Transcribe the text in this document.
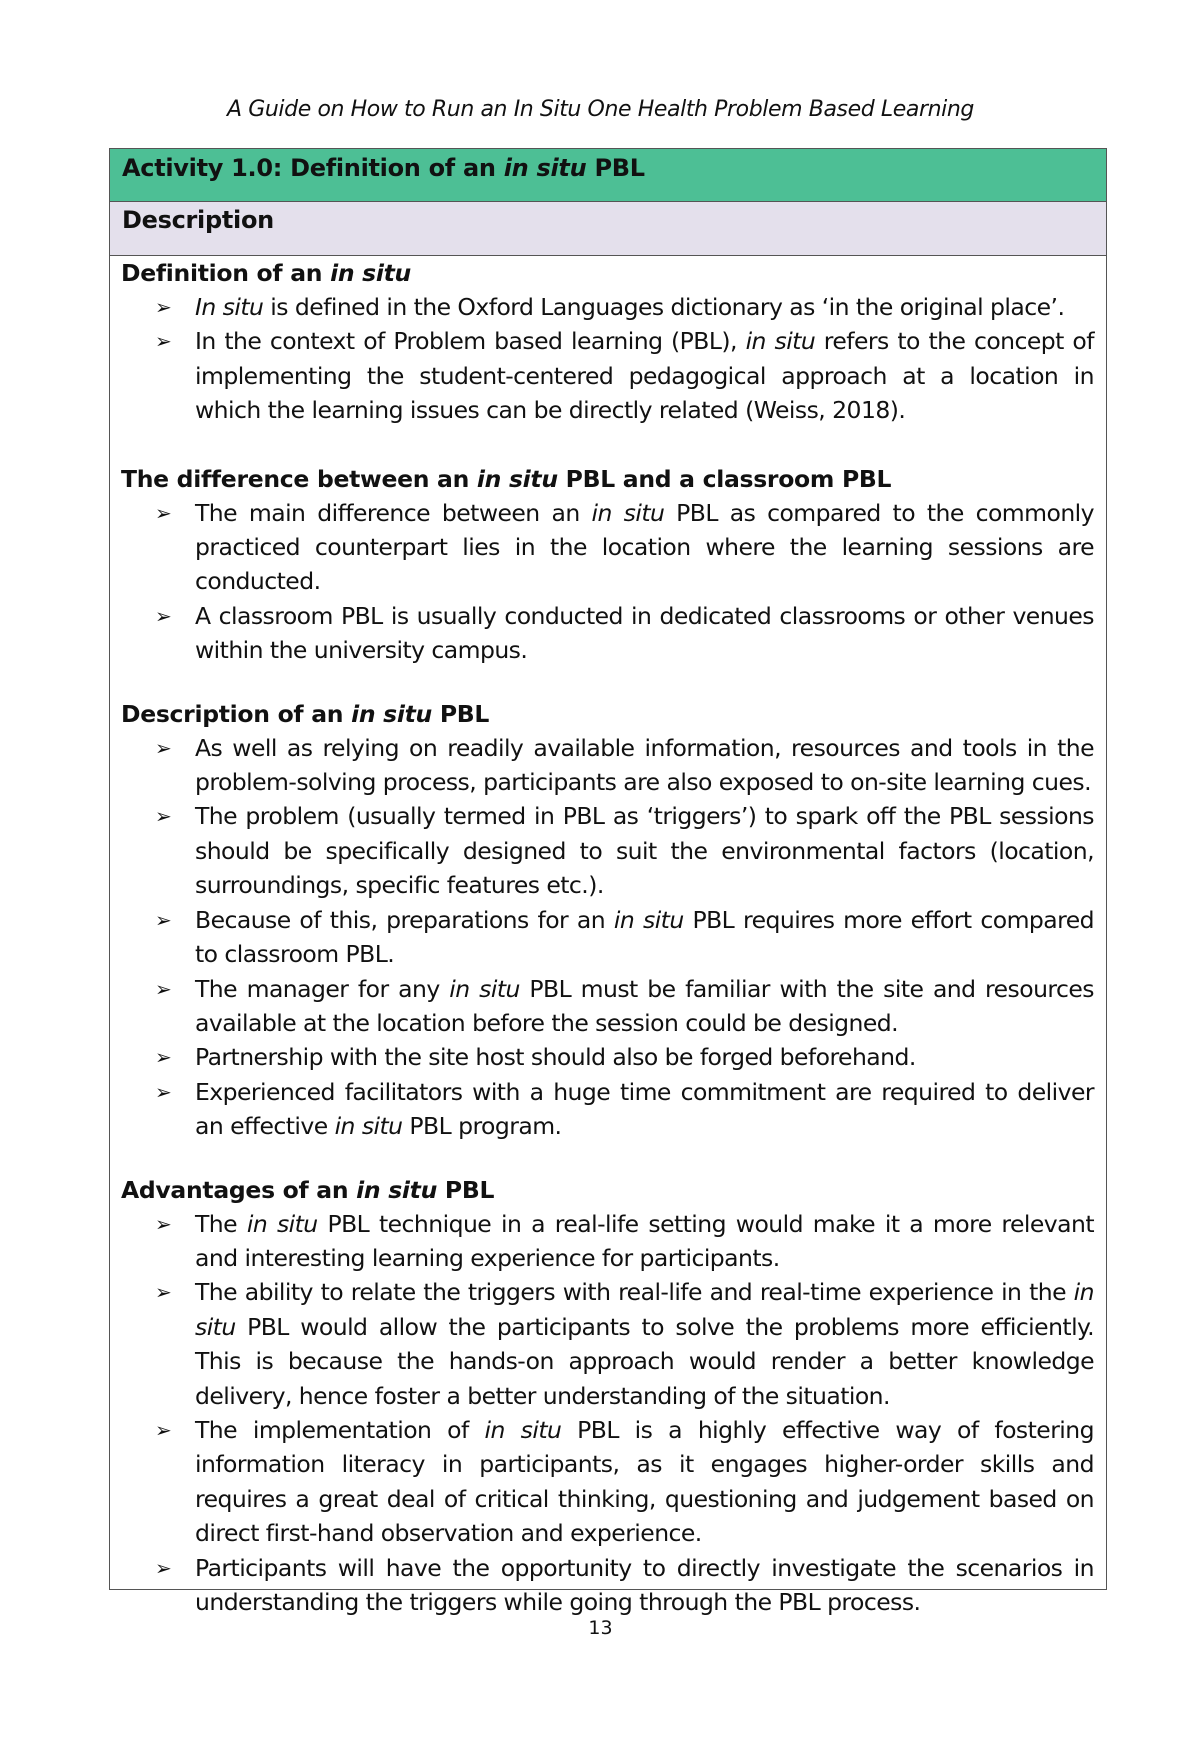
A Guide on How to Run an In Situ One Health Problem Based Learning
Activity 1.0: Definition of an in situ PBL
Description
Definition of an in situ
➢ In situ is defined in the Oxford Languages dictionary as ‘in the original place’.
➢ In the context of Problem based learning (PBL), in situ refers to the concept of implementing the student-centered pedagogical approach at a location in which the learning issues can be directly related (Weiss, 2018).
The difference between an in situ PBL and a classroom PBL
➢ The main difference between an in situ PBL as compared to the commonly practiced counterpart lies in the location where the learning sessions are conducted.
➢ A classroom PBL is usually conducted in dedicated classrooms or other venues within the university campus.
Description of an in situ PBL
➢ As well as relying on readily available information, resources and tools in the problem-solving process, participants are also exposed to on-site learning cues.
➢ The problem (usually termed in PBL as ‘triggers’) to spark off the PBL sessions should be specifically designed to suit the environmental factors (location, surroundings, specific features etc.).
➢ Because of this, preparations for an in situ PBL requires more effort compared to classroom PBL.
➢ The manager for any in situ PBL must be familiar with the site and resources available at the location before the session could be designed.
➢ Partnership with the site host should also be forged beforehand.
➢ Experienced facilitators with a huge time commitment are required to deliver an effective in situ PBL program.
Advantages of an in situ PBL
➢ The in situ PBL technique in a real-life setting would make it a more relevant and interesting learning experience for participants.
➢ The ability to relate the triggers with real-life and real-time experience in the in situ PBL would allow the participants to solve the problems more efficiently. This is because the hands-on approach would render a better knowledge delivery, hence foster a better understanding of the situation.
➢ The implementation of in situ PBL is a highly effective way of fostering information literacy in participants, as it engages higher-order skills and requires a great deal of critical thinking, questioning and judgement based on direct first-hand observation and experience.
➢ Participants will have the opportunity to directly investigate the scenarios in understanding the triggers while going through the PBL process.
13
